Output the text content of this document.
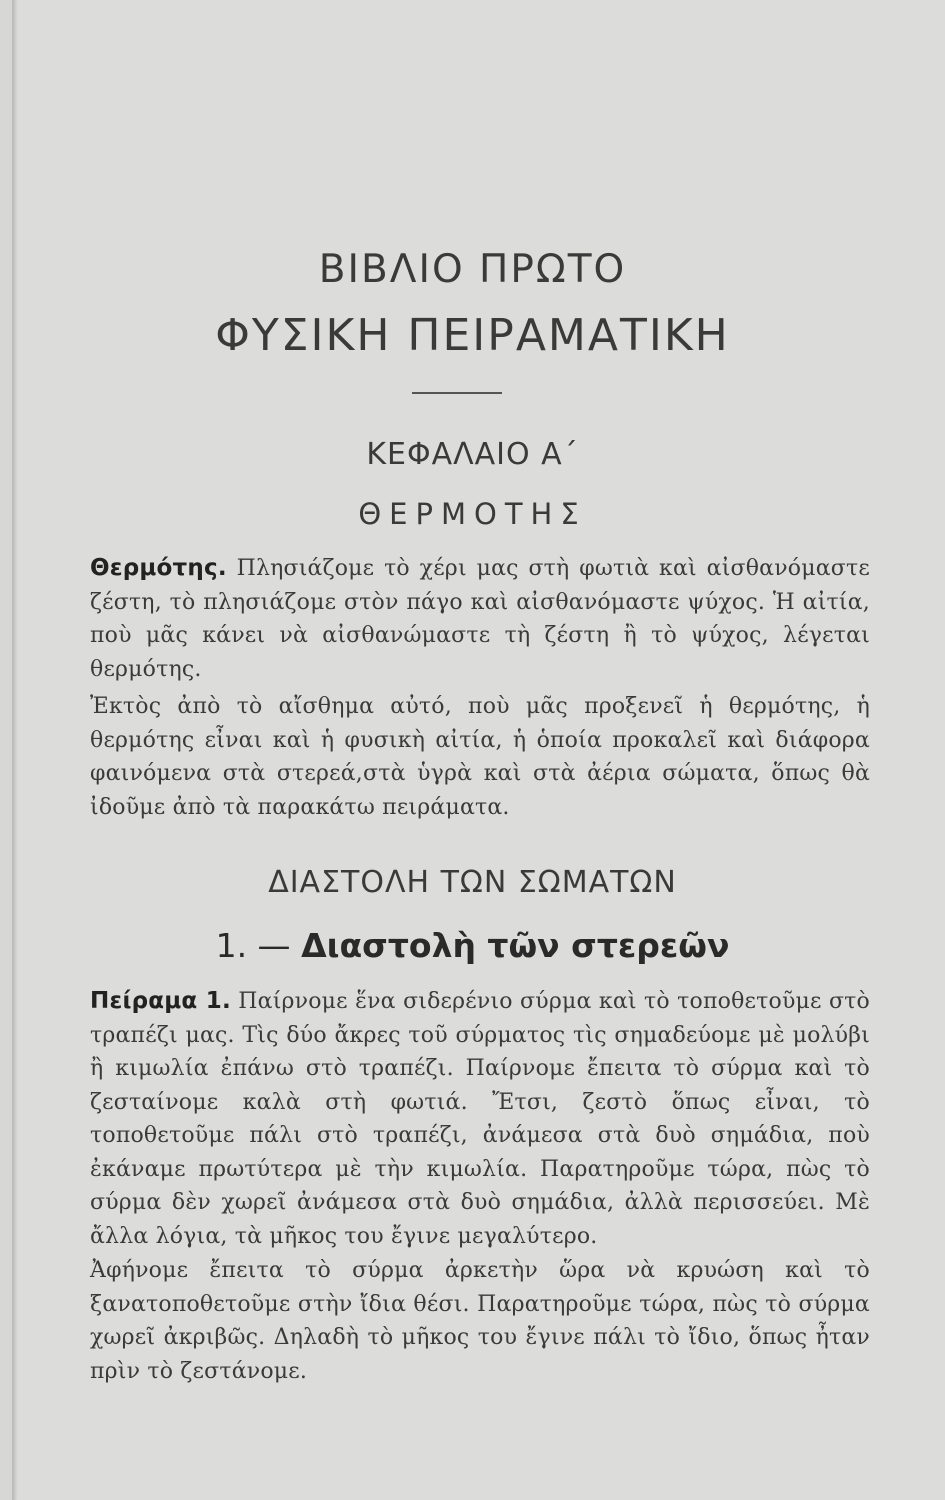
ΒΙΒΛΙΟ ΠΡΩΤΟ
ΦΥΣΙΚΗ ΠΕΙΡΑΜΑΤΙΚΗ
ΚΕΦΑΛΑΙΟ Α΄
ΘΕΡΜΟΤΗΣ
Θερμότης. Πλησιάζομε τὸ χέρι μας στὴ φωτιὰ καὶ αἰσθανόμαστε ζέστη, τὸ πλησιάζομε στὸν πάγο καὶ αἰσθανόμαστε ψύχος. Ἡ αἰτία, ποὺ μᾶς κάνει νὰ αἰσθανώμαστε τὴ ζέστη ἢ τὸ ψύχος, λέγεται θερμότης.
Ἐκτὸς ἀπὸ τὸ αἴσθημα αὐτό, ποὺ μᾶς προξενεῖ ἡ θερμότης, ἡ θερμότης εἶναι καὶ ἡ φυσικὴ αἰτία, ἡ ὁποία προκαλεῖ καὶ διάφορα φαινόμενα στὰ στερεά,στὰ ὑγρὰ καὶ στὰ ἀέρια σώματα, ὅπως θὰ ἰδοῦμε ἀπὸ τὰ παρακάτω πειράματα.
ΔΙΑΣΤΟΛΗ ΤΩΝ ΣΩΜΑΤΩΝ
1. — Διαστολὴ τῶν στερεῶν
Πείραμα 1. Παίρνομε ἕνα σιδερένιο σύρμα καὶ τὸ τοποθετοῦμε στὸ τραπέζι μας. Τὶς δύο ἄκρες τοῦ σύρματος τὶς σημαδεύομε μὲ μολύβι ἢ κιμωλία ἐπάνω στὸ τραπέζι. Παίρνομε ἔπειτα τὸ σύρμα καὶ τὸ ζεσταίνομε καλὰ στὴ φωτιά. Ἔτσι, ζεστὸ ὅπως εἶναι, τὸ τοποθετοῦμε πάλι στὸ τραπέζι, ἀνάμεσα στὰ δυὸ σημάδια, ποὺ ἐκάναμε πρωτύτερα μὲ τὴν κιμωλία. Παρατηροῦμε τώρα, πὼς τὸ σύρμα δὲν χωρεῖ ἀνάμεσα στὰ δυὸ σημάδια, ἀλλὰ περισσεύει. Μὲ ἄλλα λόγια, τὰ μῆκος του ἔγινε μεγαλύτερο.
Ἀφήνομε ἔπειτα τὸ σύρμα ἀρκετὴν ὥρα νὰ κρυώση καὶ τὸ ξανατοποθετοῦμε στὴν ἴδια θέσι. Παρατηροῦμε τώρα, πὼς τὸ σύρμα χωρεῖ ἀκριβῶς. Δηλαδὴ τὸ μῆκος του ἔγινε πάλι τὸ ἴδιο, ὅπως ἦταν πρὶν τὸ ζεστάνομε.
